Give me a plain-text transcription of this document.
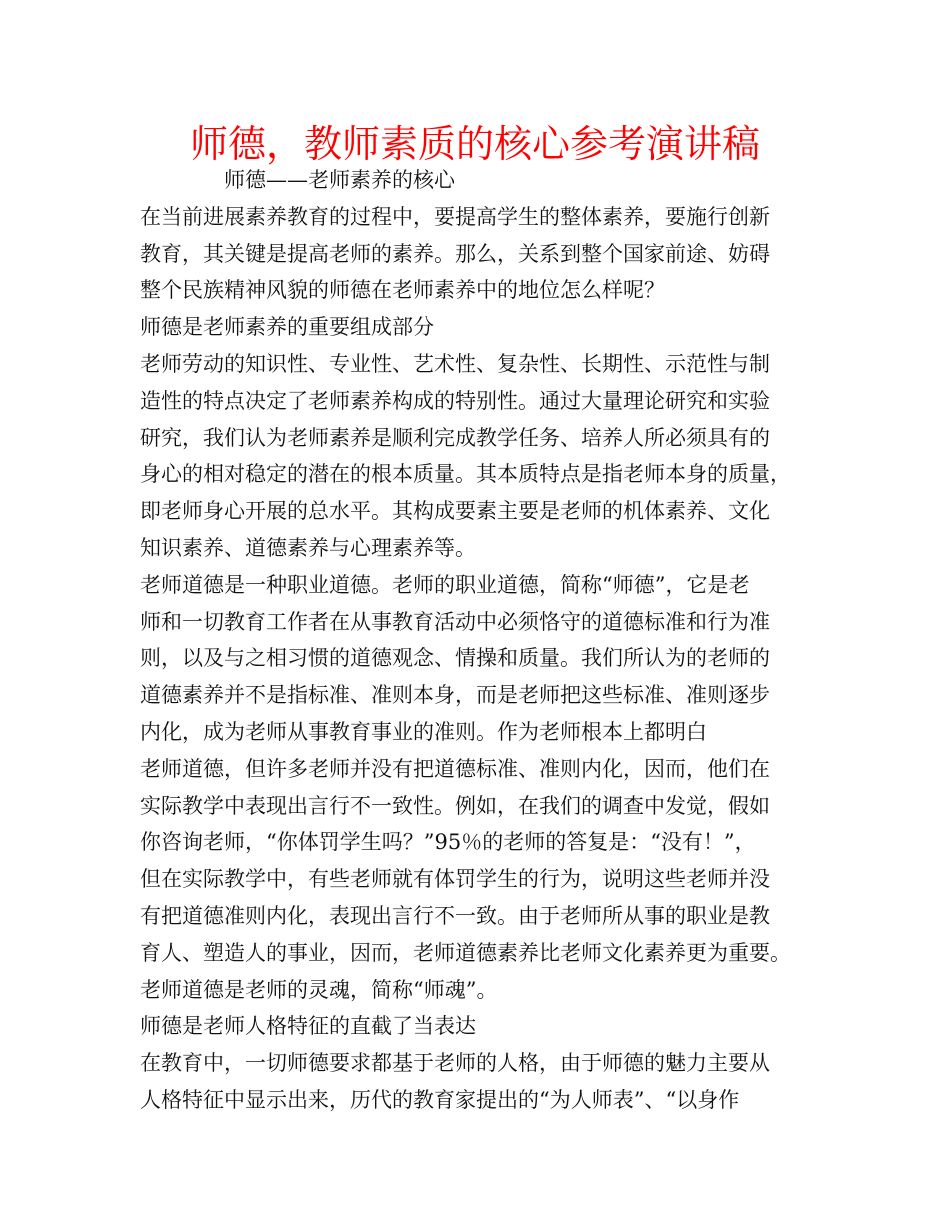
师德，教师素质的核心参考演讲稿
师德——老师素养的核心
在当前进展素养教育的过程中，要提高学生的整体素养，要施行创新
教育，其关键是提高老师的素养。那么，关系到整个国家前途、妨碍
整个民族精神风貌的师德在老师素养中的地位怎么样呢？
师德是老师素养的重要组成部分
老师劳动的知识性、专业性、艺术性、复杂性、长期性、示范性与制
造性的特点决定了老师素养构成的特别性。通过大量理论研究和实验
研究，我们认为老师素养是顺利完成教学任务、培养人所必须具有的
身心的相对稳定的潜在的根本质量。其本质特点是指老师本身的质量，
即老师身心开展的总水平。其构成要素主要是老师的机体素养、文化
知识素养、道德素养与心理素养等。
老师道德是一种职业道德。老师的职业道德，简称“师德”，它是老
师和一切教育工作者在从事教育活动中必须恪守的道德标准和行为准
则，以及与之相习惯的道德观念、情操和质量。我们所认为的老师的
道德素养并不是指标准、准则本身，而是老师把这些标准、准则逐步
内化，成为老师从事教育事业的准则。作为老师根本上都明白
老师道德，但许多老师并没有把道德标准、准则内化，因而，他们在
实际教学中表现出言行不一致性。例如，在我们的调查中发觉，假如
你咨询老师，“你体罚学生吗？”95％的老师的答复是：“没有！”，
但在实际教学中，有些老师就有体罚学生的行为，说明这些老师并没
有把道德准则内化，表现出言行不一致。由于老师所从事的职业是教
育人、塑造人的事业，因而，老师道德素养比老师文化素养更为重要。
老师道德是老师的灵魂，简称“师魂”。
师德是老师人格特征的直截了当表达
在教育中，一切师德要求都基于老师的人格，由于师德的魅力主要从
人格特征中显示出来，历代的教育家提出的“为人师表”、“以身作
